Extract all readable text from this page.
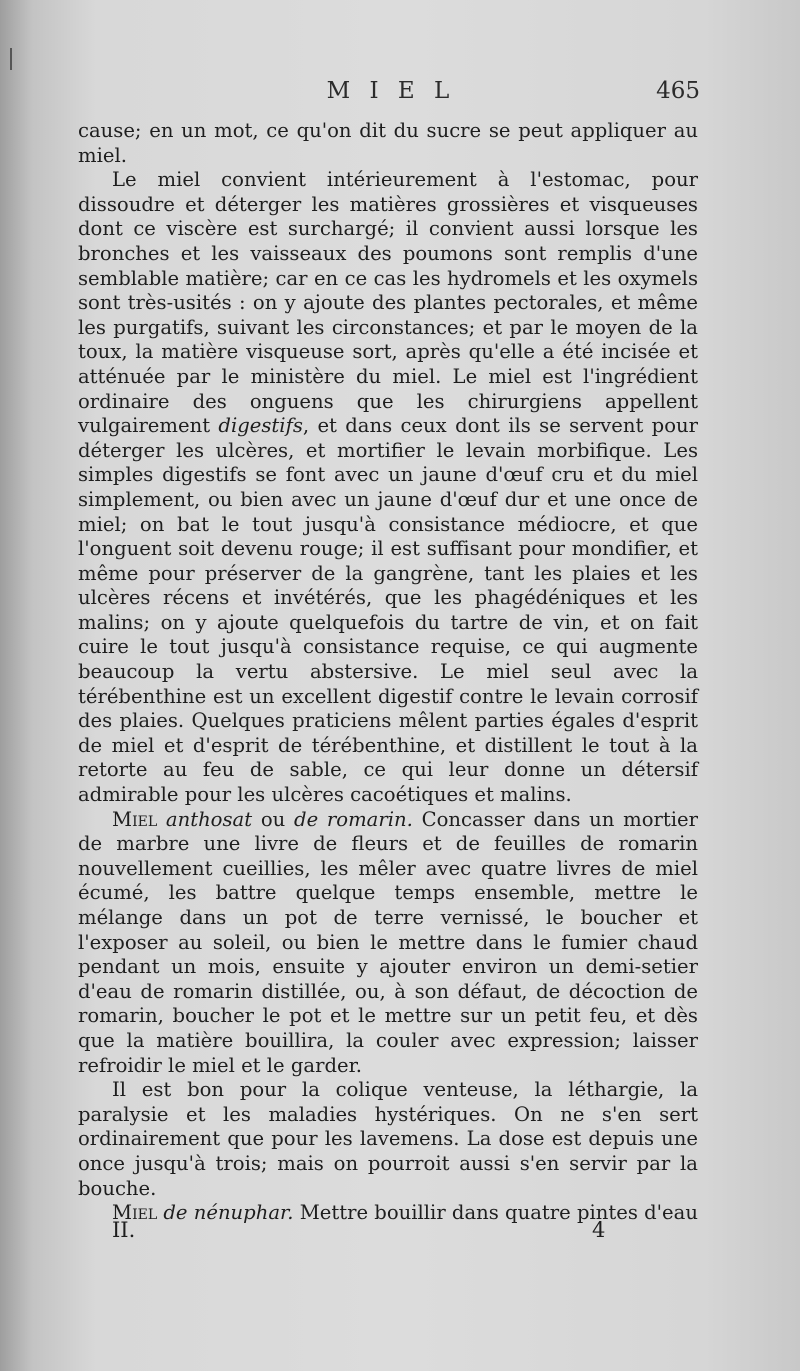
M I E L	465

cause; en un mot, ce qu'on dit du sucre se peut appliquer au miel.

Le miel convient intérieurement à l'estomac, pour dissoudre et déterger les matières grossières et visqueuses dont ce viscère est surchargé; il convient aussi lorsque les bronches et les vaisseaux des poumons sont remplis d'une semblable matière; car en ce cas les hydromels et les oxymels sont très-usités : on y ajoute des plantes pectorales, et même les purgatifs, suivant les circonstances; et par le moyen de la toux, la matière visqueuse sort, après qu'elle a été incisée et atténuée par le ministère du miel. Le miel est l'ingrédient ordinaire des onguens que les chirurgiens appellent vulgairement digestifs, et dans ceux dont ils se servent pour déterger les ulcères, et mortifier le levain morbifique. Les simples digestifs se font avec un jaune d'œuf cru et du miel simplement, ou bien avec un jaune d'œuf dur et une once de miel; on bat le tout jusqu'à consistance médiocre, et que l'onguent soit devenu rouge; il est suffisant pour mondifier, et même pour préserver de la gangrène, tant les plaies et les ulcères récens et invétérés, que les phagédéniques et les malins; on y ajoute quelquefois du tartre de vin, et on fait cuire le tout jusqu'à consistance requise, ce qui augmente beaucoup la vertu abstersive. Le miel seul avec la térébenthine est un excellent digestif contre le levain corrosif des plaies. Quelques praticiens mêlent parties égales d'esprit de miel et d'esprit de térébenthine, et distillent le tout à la retorte au feu de sable, ce qui leur donne un détersif admirable pour les ulcères cacoétiques et malins.

Miel anthosat ou de romarin. Concasser dans un mortier de marbre une livre de fleurs et de feuilles de romarin nouvellement cueillies, les mêler avec quatre livres de miel écumé, les battre quelque temps ensemble, mettre le mélange dans un pot de terre vernissé, le boucher et l'exposer au soleil, ou bien le mettre dans le fumier chaud pendant un mois, ensuite y ajouter environ un demi-setier d'eau de romarin distillée, ou, à son défaut, de décoction de romarin, boucher le pot et le mettre sur un petit feu, et dès que la matière bouillira, la couler avec expression; laisser refroidir le miel et le garder.

Il est bon pour la colique venteuse, la léthargie, la paralysie et les maladies hystériques. On ne s'en sert ordinairement que pour les lavemens. La dose est depuis une once jusqu'à trois; mais on pourroit aussi s'en servir par la bouche.

Miel de nénuphar. Mettre bouillir dans quatre pintes d'eau

II.	4
